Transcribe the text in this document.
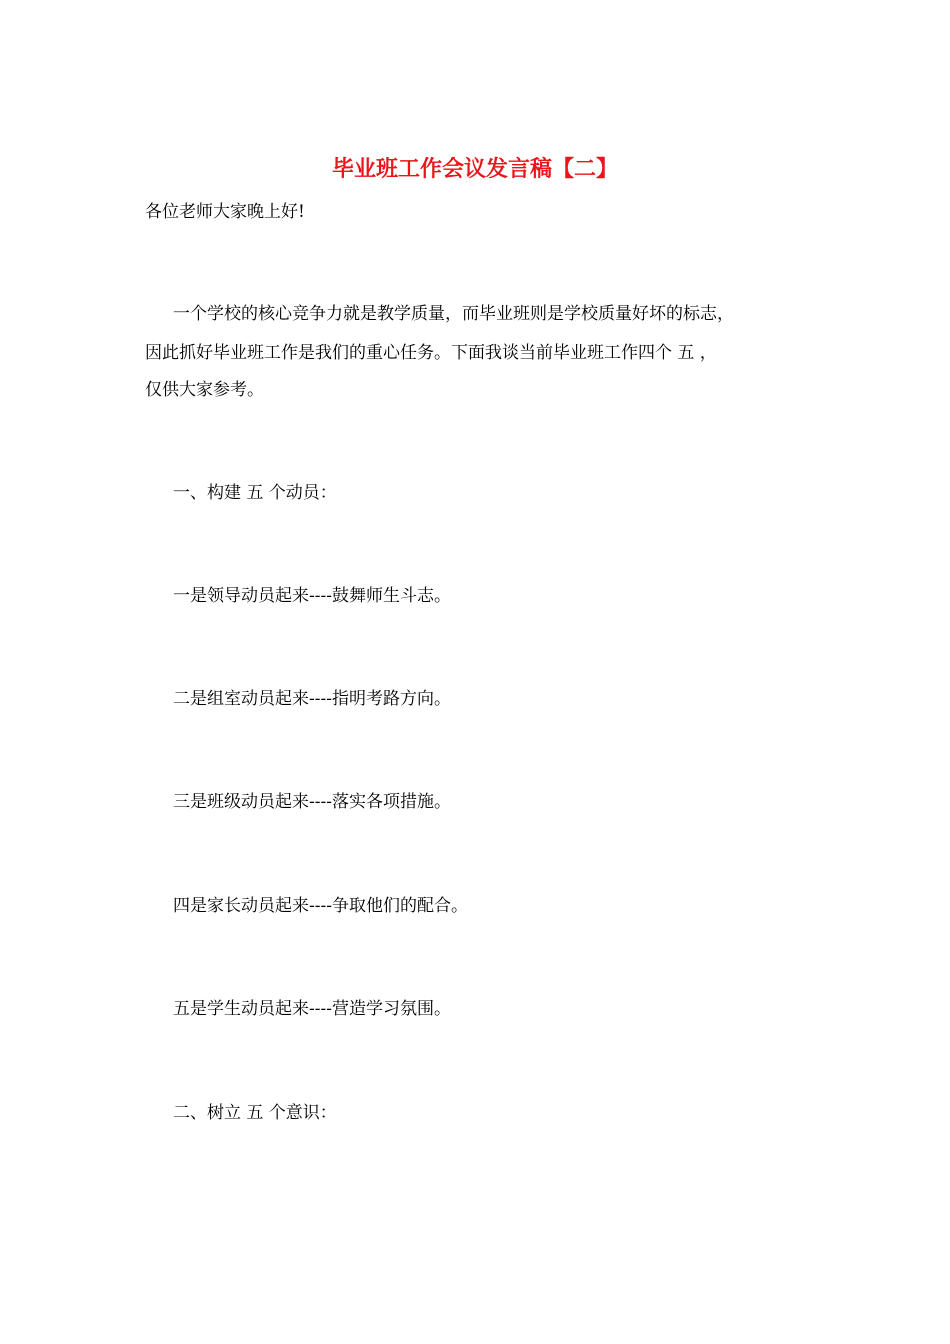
毕业班工作会议发言稿【二】
各位老师大家晚上好!
一个学校的核心竞争力就是教学质量，而毕业班则是学校质量好坏的标志，
因此抓好毕业班工作是我们的重心任务。下面我谈当前毕业班工作四个 五 ，
仅供大家参考。
一、构建 五 个动员：
一是领导动员起来----鼓舞师生斗志。
二是组室动员起来----指明考路方向。
三是班级动员起来----落实各项措施。
四是家长动员起来----争取他们的配合。
五是学生动员起来----营造学习氛围。
二、树立 五 个意识：
